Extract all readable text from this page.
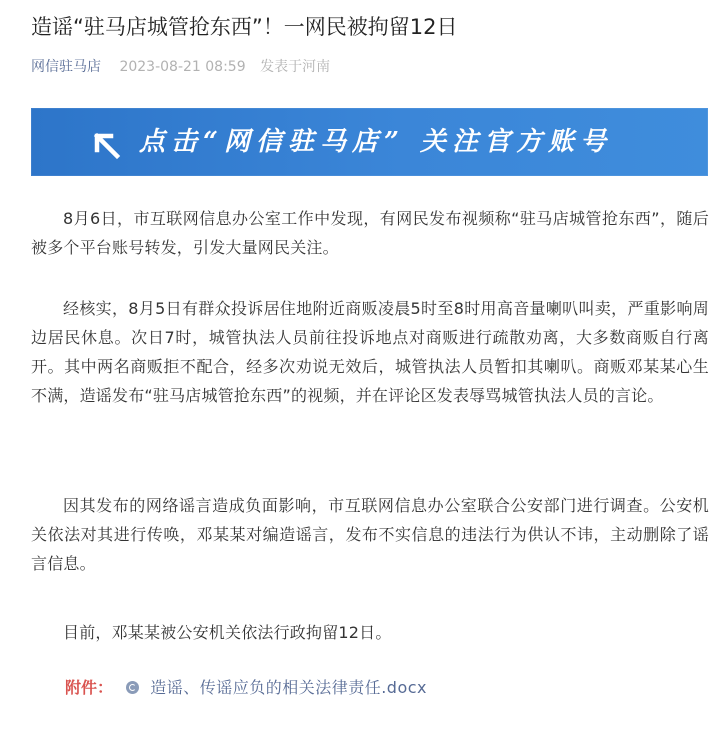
造谣“驻马店城管抢东西”！一网民被拘留12日
网信驻马店 2023-08-21 08:59 发表于河南
点击“网信驻马店” 关注官方账号

8月6日，市互联网信息办公室工作中发现，有网民发布视频称“驻马店城管抢东西”，随后被多个平台账号转发，引发大量网民关注。

经核实，8月5日有群众投诉居住地附近商贩凌晨5时至8时用高音量喇叭叫卖，严重影响周边居民休息。次日7时，城管执法人员前往投诉地点对商贩进行疏散劝离，大多数商贩自行离开。其中两名商贩拒不配合，经多次劝说无效后，城管执法人员暂扣其喇叭。商贩邓某某心生不满，造谣发布“驻马店城管抢东西”的视频，并在评论区发表辱骂城管执法人员的言论。

因其发布的网络谣言造成负面影响，市互联网信息办公室联合公安部门进行调查。公安机关依法对其进行传唤，邓某某对编造谣言，发布不实信息的违法行为供认不讳，主动删除了谣言信息。

目前，邓某某被公安机关依法行政拘留12日。

附件： 造谣、传谣应负的相关法律责任.docx
